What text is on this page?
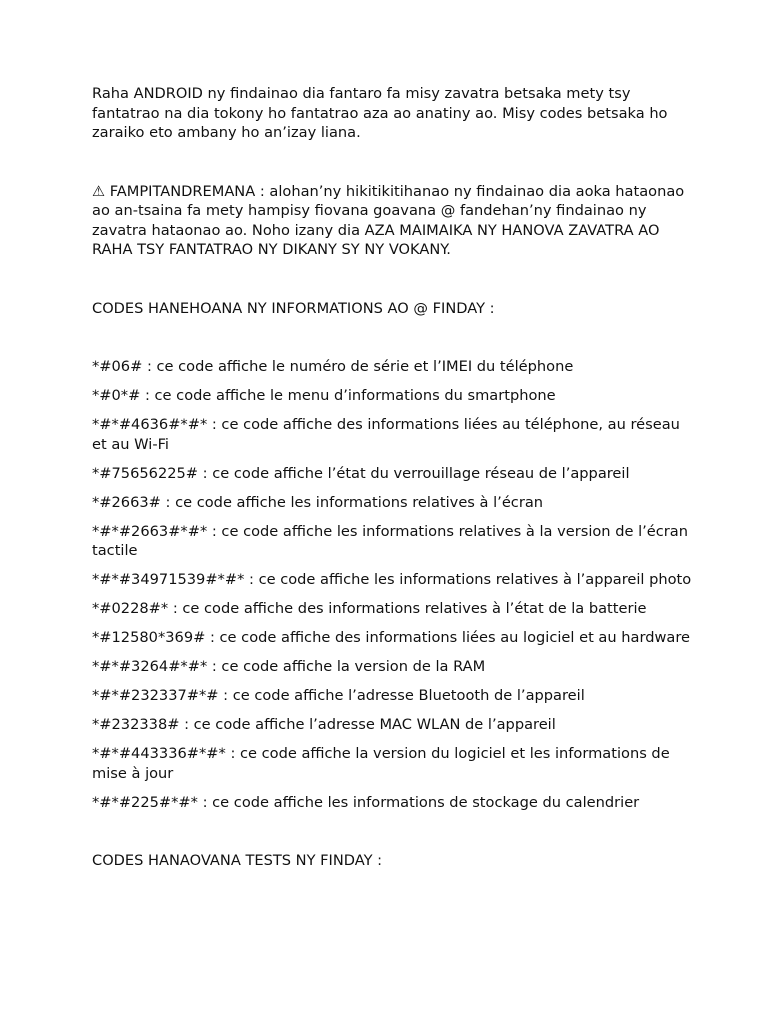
Raha ANDROID ny findainao dia fantaro fa misy zavatra betsaka mety tsy fantatrao na dia tokony ho fantatrao aza ao anatiny ao. Misy codes betsaka ho zaraiko eto ambany ho an’izay liana.

⚠ FAMPITANDREMANA : alohan’ny hikitikitihanao ny findainao dia aoka hataonao ao an-tsaina fa mety hampisy fiovana goavana @ fandehan’ny findainao ny zavatra hataonao ao. Noho izany dia AZA MAIMAIKA NY HANOVA ZAVATRA AO RAHA TSY FANTATRAO NY DIKANY SY NY VOKANY.

CODES HANEHOANA NY INFORMATIONS AO @ FINDAY :

*#06# : ce code affiche le numéro de série et l’IMEI du téléphone
*#0*# : ce code affiche le menu d’informations du smartphone
*#*#4636#*#* : ce code affiche des informations liées au téléphone, au réseau et au Wi-Fi
*#75656225# : ce code affiche l’état du verrouillage réseau de l’appareil
*#2663# : ce code affiche les informations relatives à l’écran
*#*#2663#*#* : ce code affiche les informations relatives à la version de l’écran tactile
*#*#34971539#*#* : ce code affiche les informations relatives à l’appareil photo
*#0228#* : ce code affiche des informations relatives à l’état de la batterie
*#12580*369# : ce code affiche des informations liées au logiciel et au hardware
*#*#3264#*#* : ce code affiche la version de la RAM
*#*#232337#*# : ce code affiche l’adresse Bluetooth de l’appareil
*#232338# : ce code affiche l’adresse MAC WLAN de l’appareil
*#*#443336#*#* : ce code affiche la version du logiciel et les informations de mise à jour
*#*#225#*#* : ce code affiche les informations de stockage du calendrier

CODES HANAOVANA TESTS NY FINDAY :
